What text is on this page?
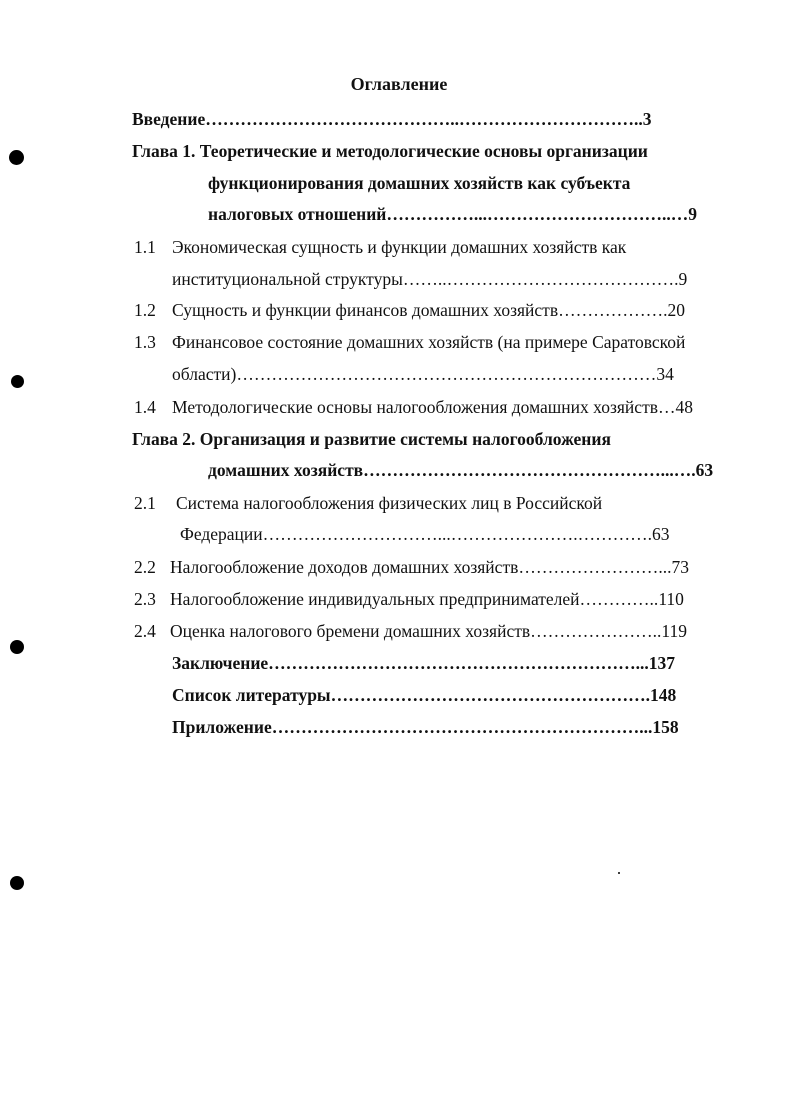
Оглавление
Введение……………………………………..…………………………..3
Глава 1. Теоретические и методологические основы организации
функционирования домашних хозяйств как субъекта
налоговых отношений……………...…………………………..…9
1.1 Экономическая сущность и функции домашних хозяйств как
институциональной структуры……..………………………………….9
1.2 Сущность и функции финансов домашних хозяйств……………….20
1.3 Финансовое состояние домашних хозяйств (на примере Саратовской
области)………………………………………………………………34
1.4 Методологические основы налогообложения домашних хозяйств…48
Глава 2. Организация и развитие системы налогообложения
домашних хозяйств……………………………………………...….63
2.1	Система налогообложения физических лиц в Российской
Федерации…………………………...………………….………….63
2.2 Налогообложение доходов домашних хозяйств……………………...73
2.3 Налогообложение индивидуальных предпринимателей…………..110
2.4 Оценка налогового бремени домашних хозяйств…………………..119
Заключение………………………………………………………...137
Список литературы……………………………………………….148
Приложение………………………………………………………...158
